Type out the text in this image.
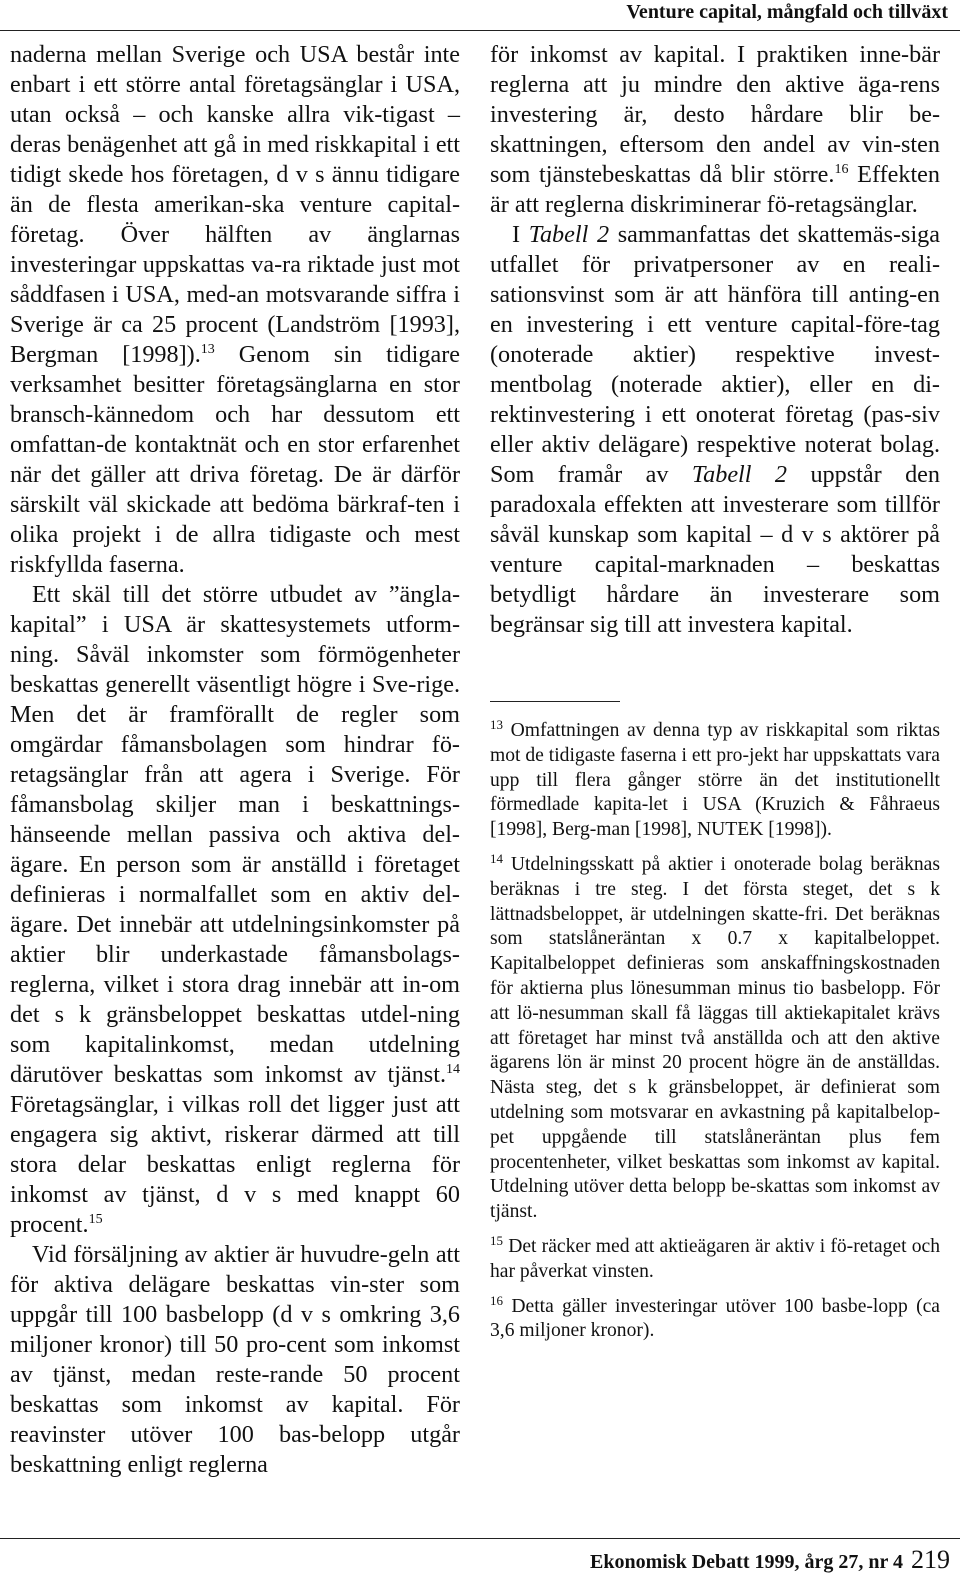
Venture capital, mångfald och tillväxt

naderna mellan Sverige och USA består inte enbart i ett större antal företagsänglar i USA, utan också – och kanske allra vik-tigast – deras benägenhet att gå in med riskkapital i ett tidigt skede hos företagen, d v s ännu tidigare än de flesta amerikan-ska venture capital-företag. Över hälften av änglarnas investeringar uppskattas va-ra riktade just mot såddfasen i USA, med-an motsvarande siffra i Sverige är ca 25 procent (Landström [1993], Bergman [1998]).$^{13}$ Genom sin tidigare verksamhet besitter företagsänglarna en stor bransch-kännedom och har dessutom ett omfattan-de kontaktnät och en stor erfarenhet när det gäller att driva företag. De är därför särskilt väl skickade att bedöma bärkraf-ten i olika projekt i de allra tidigaste och mest riskfyllda faserna.

Ett skäl till det större utbudet av ”ängla-kapital” i USA är skattesystemets utform-ning. Såväl inkomster som förmögenheter beskattas generellt väsentligt högre i Sve-rige. Men det är framförallt de regler som omgärdar fåmansbolagen som hindrar fö-retagsänglar från att agera i Sverige. För fåmansbolag skiljer man i beskattnings-hänseende mellan passiva och aktiva del-ägare. En person som är anställd i företaget definieras i normalfallet som en aktiv del-ägare. Det innebär att utdelningsinkomster på aktier blir underkastade fåmansbolags-reglerna, vilket i stora drag innebär att in-om det s k gränsbeloppet beskattas utdel-ning som kapitalinkomst, medan utdelning därutöver beskattas som inkomst av tjänst.$^{14}$ Företagsänglar, i vilkas roll det ligger just att engagera sig aktivt, riskerar därmed att till stora delar beskattas enligt reglerna för inkomst av tjänst, d v s med knappt 60 procent.$^{15}$

Vid försäljning av aktier är huvudre-geln att för aktiva delägare beskattas vin-ster som uppgår till 100 basbelopp (d v s omkring 3,6 miljoner kronor) till 50 pro-cent som inkomst av tjänst, medan reste-rande 50 procent beskattas som inkomst av kapital. För reavinster utöver 100 bas-belopp utgår beskattning enligt reglerna

för inkomst av kapital. I praktiken inne-bär reglerna att ju mindre den aktive äga-rens investering är, desto hårdare blir be-skattningen, eftersom den andel av vin-sten som tjänstebeskattas då blir större.$^{16}$ Effekten är att reglerna diskriminerar fö-retagsänglar.

I Tabell 2 sammanfattas det skattemäs-siga utfallet för privatpersoner av en reali-sationsvinst som är att hänföra till anting-en en investering i ett venture capital-före-tag (onoterade aktier) respektive invest-mentbolag (noterade aktier), eller en di-rektinvestering i ett onoterat företag (pas-siv eller aktiv delägare) respektive noterat bolag. Som framår av Tabell 2 uppstår den paradoxala effekten att investerare som tillför såväl kunskap som kapital – d v s aktörer på venture capital-marknaden – beskattas betydligt hårdare än investerare som begränsar sig till att investera kapital.

$^{13}$ Omfattningen av denna typ av riskkapital som riktas mot de tidigaste faserna i ett pro-jekt har uppskattats vara upp till flera gånger större än det institutionellt förmedlade kapita-let i USA (Kruzich & Fåhraeus [1998], Berg-man [1998], NUTEK [1998]).

$^{14}$ Utdelningsskatt på aktier i onoterade bolag beräknas beräknas i tre steg. I det första steget, det s k lättnadsbeloppet, är utdelningen skatte-fri. Det beräknas som statslåneräntan x 0.7 x kapitalbeloppet. Kapitalbeloppet definieras som anskaffningskostnaden för aktierna plus lönesumman minus tio basbelopp. För att lö-nesumman skall få läggas till aktiekapitalet krävs att företaget har minst två anställda och att den aktive ägarens lön är minst 20 procent högre än de anställdas. Nästa steg, det s k gränsbeloppet, är definierat som utdelning som motsvarar en avkastning på kapitalbelop-pet uppgående till statslåneräntan plus fem procentenheter, vilket beskattas som inkomst av kapital. Utdelning utöver detta belopp be-skattas som inkomst av tjänst.

$^{15}$ Det räcker med att aktieägaren är aktiv i fö-retaget och har påverkat vinsten.

$^{16}$ Detta gäller investeringar utöver 100 basbe-lopp (ca 3,6 miljoner kronor).

Ekonomisk Debatt 1999, årg 27, nr 4 219
